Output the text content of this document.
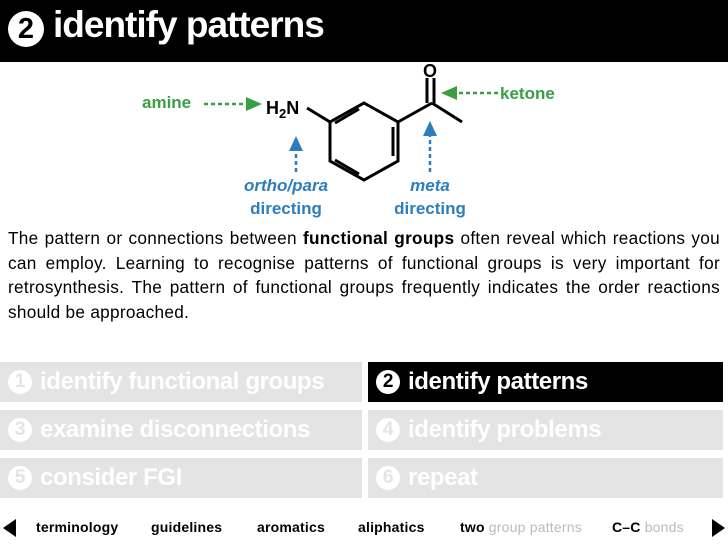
2 identify patterns
O
$H_2N$
amine	ketone
ortho/para
directing
meta
directing
The pattern or connections between functional groups often reveal which reactions you can employ. Learning to recognise patterns of functional groups is very important for retrosynthesis. The pattern of functional groups frequently indicates the order reactions should be approached.
1 identify functional groups	2 identify patterns
3 examine disconnections	4 identify problems
5 consider FGI	6 repeat
terminology guidelines aromatics aliphatics	two group patterns C–C bonds
